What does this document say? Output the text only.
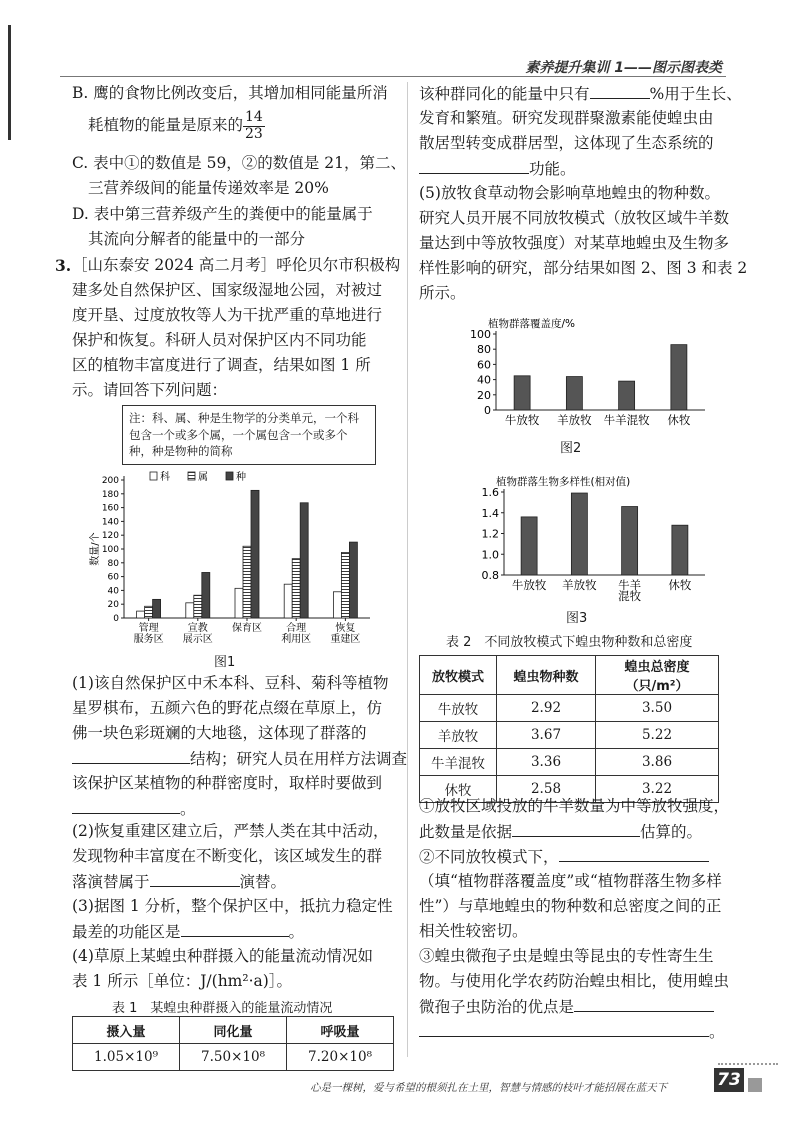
素养提升集训 1——图示图表类
B. 鹰的食物比例改变后，其增加相同能量所消
耗植物的能量是原来的 $\frac{14}{23}$
C. 表中①的数值是 59，②的数值是 21，第二、
三营养级间的能量传递效率是 20%
D. 表中第三营养级产生的粪便中的能量属于
其流向分解者的能量中的一部分
3. ［山东泰安 2024 高二月考］呼伦贝尔市积极构
建多处自然保护区、国家级湿地公园，对被过
度开垦、过度放牧等人为干扰严重的草地进行
保护和恢复。科研人员对保护区内不同功能
区的植物丰富度进行了调查，结果如图 1 所
示。请回答下列问题：
注：科、属、种是生物学的分类单元，一个科包含一个或多个属，一个属包含一个或多个种，种是物种的简称
0
20
40
60
80
100
120
140
160
180
200
数量/个
管理
服务区
宣教
展示区
保育区 合理
利用区
恢复
重建区
科	属	种
图1
(1)该自然保护区中禾本科、豆科、菊科等植物
星罗棋布，五颜六色的野花点缀在草原上，仿
佛一块色彩斑斓的大地毯，这体现了群落的
结构；研究人员在用样方法调查
该保护区某植物的种群密度时，取样时要做到
。
(2)恢复重建区建立后，严禁人类在其中活动，
发现物种丰富度在不断变化，该区域发生的群
落演替属于	演替。
(3)据图 1 分析，整个保护区中，抵抗力稳定性
最差的功能区是	。
(4)草原上某蝗虫种群摄入的能量流动情况如
表 1 所示［单位：J/(hm²·a)］。
表 1　某蝗虫种群摄入的能量流动情况
摄入量	同化量	呼吸量
1.05×10⁹	7.50×10⁸	7.20×10⁸
该种群同化的能量中只有	%用于生长、
发育和繁殖。研究发现群聚激素能使蝗虫由
散居型转变成群居型，这体现了生态系统的
功能。
(5)放牧食草动物会影响草地蝗虫的物种数。
研究人员开展不同放牧模式（放牧区域牛羊数
量达到中等放牧强度）对某草地蝗虫及生物多
样性影响的研究，部分结果如图 2、图 3 和表 2
所示。
植物群落覆盖度/%
0
20
40
60
80
100
牛放牧 羊放牧 牛羊混牧 休牧
图2
植物群落生物多样性(相对值)
0.8
1.0
1.2
1.4
1.6
牛放牧 羊放牧 牛羊
混牧
休牧
图3
表 2　不同放牧模式下蝗虫物种数和总密度
放牧模式	蝗虫物种数	蝗虫总密度（只/m²）
牛放牧	2.92	3.50
羊放牧	3.67	5.22
牛羊混牧	3.36	3.86
休牧	2.58	3.22
①放牧区域投放的牛羊数量为中等放牧强度，
此数量是依据	估算的。
②不同放牧模式下，
（填“植物群落覆盖度”或“植物群落生物多样
性”）与草地蝗虫的物种数和总密度之间的正
相关性较密切。
③蝗虫微孢子虫是蝗虫等昆虫的专性寄生生
物。与使用化学农药防治蝗虫相比，使用蝗虫
微孢子虫防治的优点是
。
心是一棵树，爱与希望的根须扎在土里，智慧与情感的枝叶才能招展在蓝天下	73
